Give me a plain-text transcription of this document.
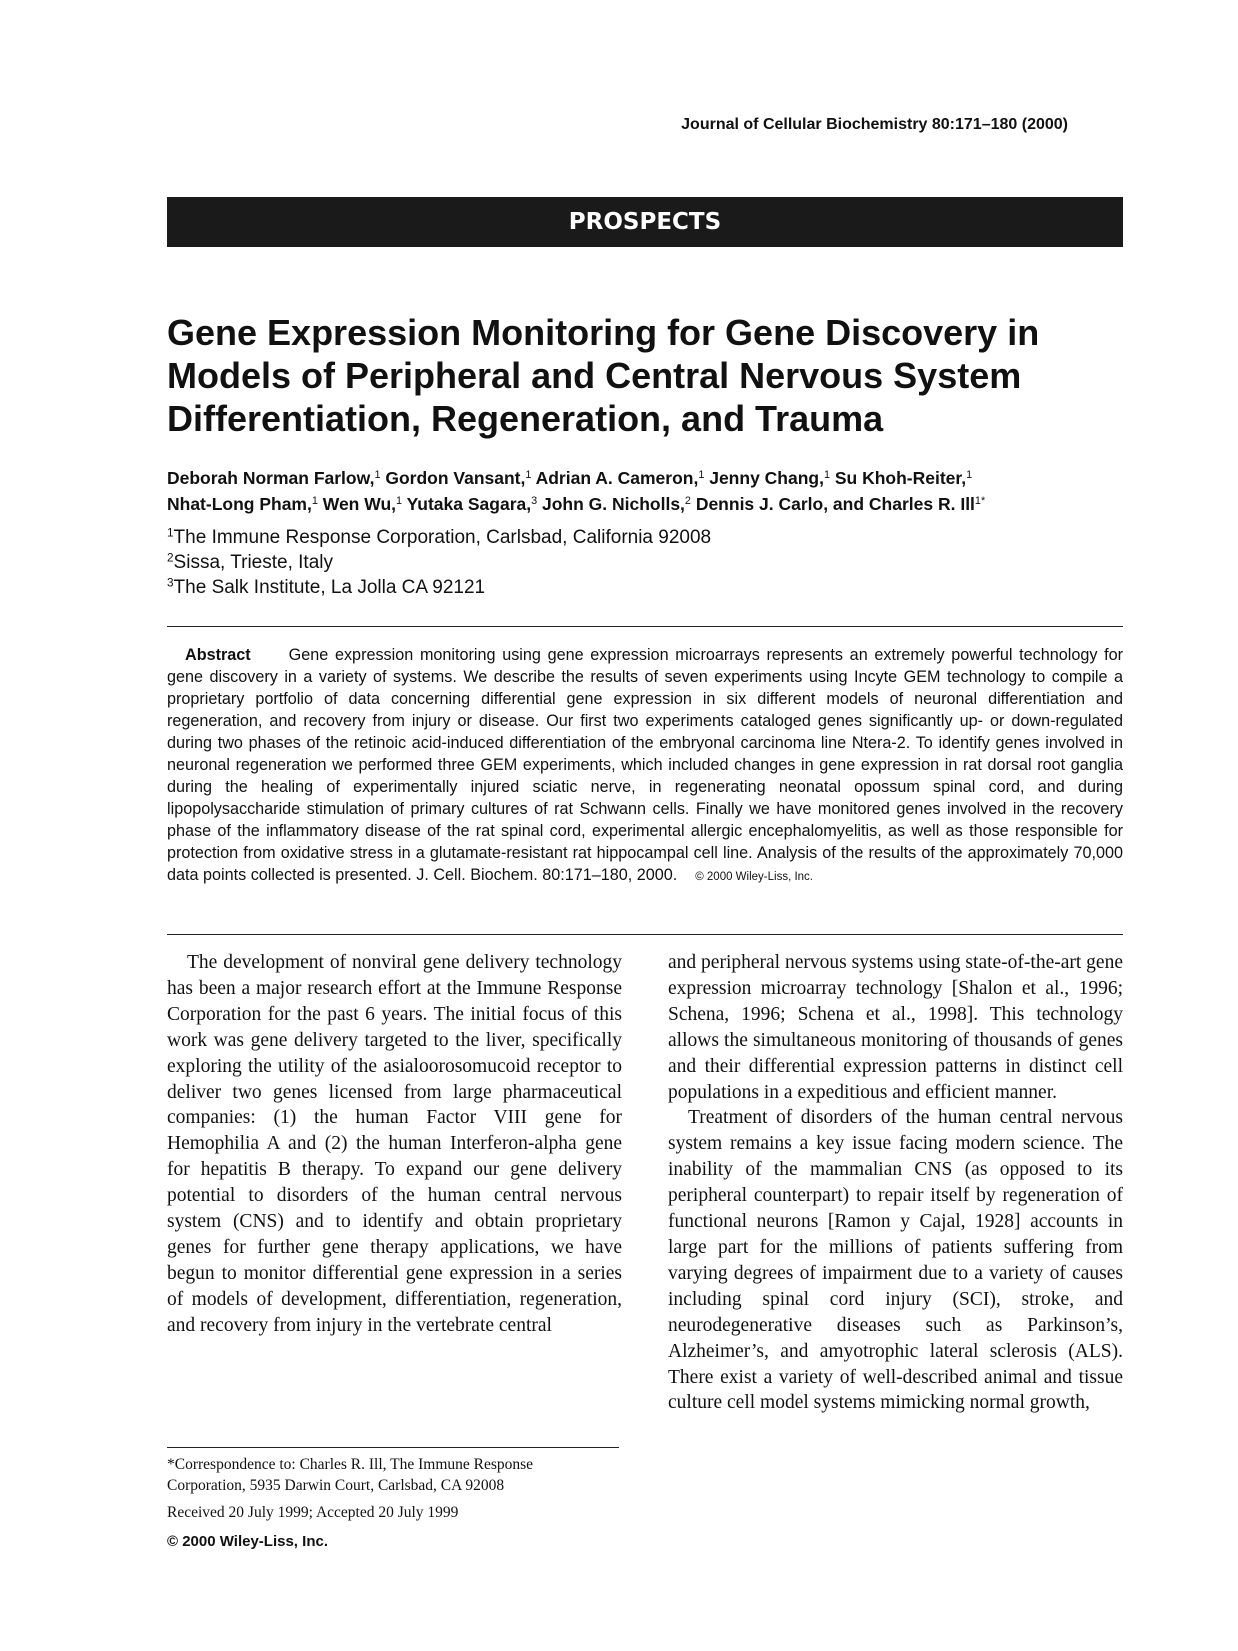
Journal of Cellular Biochemistry 80:171–180 (2000)
PROSPECTS
Gene Expression Monitoring for Gene Discovery in
Models of Peripheral and Central Nervous System
Differentiation, Regeneration, and Trauma
Deborah Norman Farlow,$^1$ Gordon Vansant,$^1$ Adrian A. Cameron,$^1$ Jenny Chang,$^1$ Su Khoh-Reiter,$^1$
Nhat-Long Pham,$^1$ Wen Wu,$^1$ Yutaka Sagara,$^3$ John G. Nicholls,$^2$ Dennis J. Carlo, and Charles R. Ill$^{1*}$
$^1$The Immune Response Corporation, Carlsbad, California 92008
$^2$Sissa, Trieste, Italy
$^3$The Salk Institute, La Jolla CA 92121
Abstract Gene expression monitoring using gene expression microarrays represents an extremely powerful technology for gene discovery in a variety of systems. We describe the results of seven experiments using Incyte GEM technology to compile a proprietary portfolio of data concerning differential gene expression in six different models of neuronal differentiation and regeneration, and recovery from injury or disease. Our first two experiments cataloged genes significantly up- or down-regulated during two phases of the retinoic acid-induced differentiation of the embryonal carcinoma line Ntera-2. To identify genes involved in neuronal regeneration we performed three GEM experiments, which included changes in gene expression in rat dorsal root ganglia during the healing of experimentally injured sciatic nerve, in regenerating neonatal opossum spinal cord, and during lipopolysaccharide stimulation of primary cultures of rat Schwann cells. Finally we have monitored genes involved in the recovery phase of the inflammatory disease of the rat spinal cord, experimental allergic encephalomyelitis, as well as those responsible for protection from oxidative stress in a glutamate-resistant rat hippocampal cell line. Analysis of the results of the approximately 70,000 data points collected is presented. J. Cell. Biochem. 80:171–180, 2000. © 2000 Wiley-Liss, Inc.

The development of nonviral gene delivery technology has been a major research effort at the Immune Response Corporation for the past 6 years. The initial focus of this work was gene delivery targeted to the liver, specifically exploring the utility of the asialoorosomucoid receptor to deliver two genes licensed from large pharmaceutical companies: (1) the human Factor VIII gene for Hemophilia A and (2) the human Interferon-alpha gene for hepatitis B therapy. To expand our gene delivery potential to disorders of the human central nervous system (CNS) and to identify and obtain proprietary genes for further gene therapy applications, we have begun to monitor differential gene expression in a series of models of development, differentiation, regeneration, and recovery from injury in the vertebrate central

and peripheral nervous systems using state-of-the-art gene expression microarray technology [Shalon et al., 1996; Schena, 1996; Schena et al., 1998]. This technology allows the simultaneous monitoring of thousands of genes and their differential expression patterns in distinct cell populations in a expeditious and efficient manner.

Treatment of disorders of the human central nervous system remains a key issue facing modern science. The inability of the mammalian CNS (as opposed to its peripheral counterpart) to repair itself by regeneration of functional neurons [Ramon y Cajal, 1928] accounts in large part for the millions of patients suffering from varying degrees of impairment due to a variety of causes including spinal cord injury (SCI), stroke, and neurodegenerative diseases such as Parkinson’s, Alzheimer’s, and amyotrophic lateral sclerosis (ALS). There exist a variety of well-described animal and tissue culture cell model systems mimicking normal growth,

*Correspondence to: Charles R. Ill, The Immune Response
Corporation, 5935 Darwin Court, Carlsbad, CA 92008
Received 20 July 1999; Accepted 20 July 1999
© 2000 Wiley-Liss, Inc.
